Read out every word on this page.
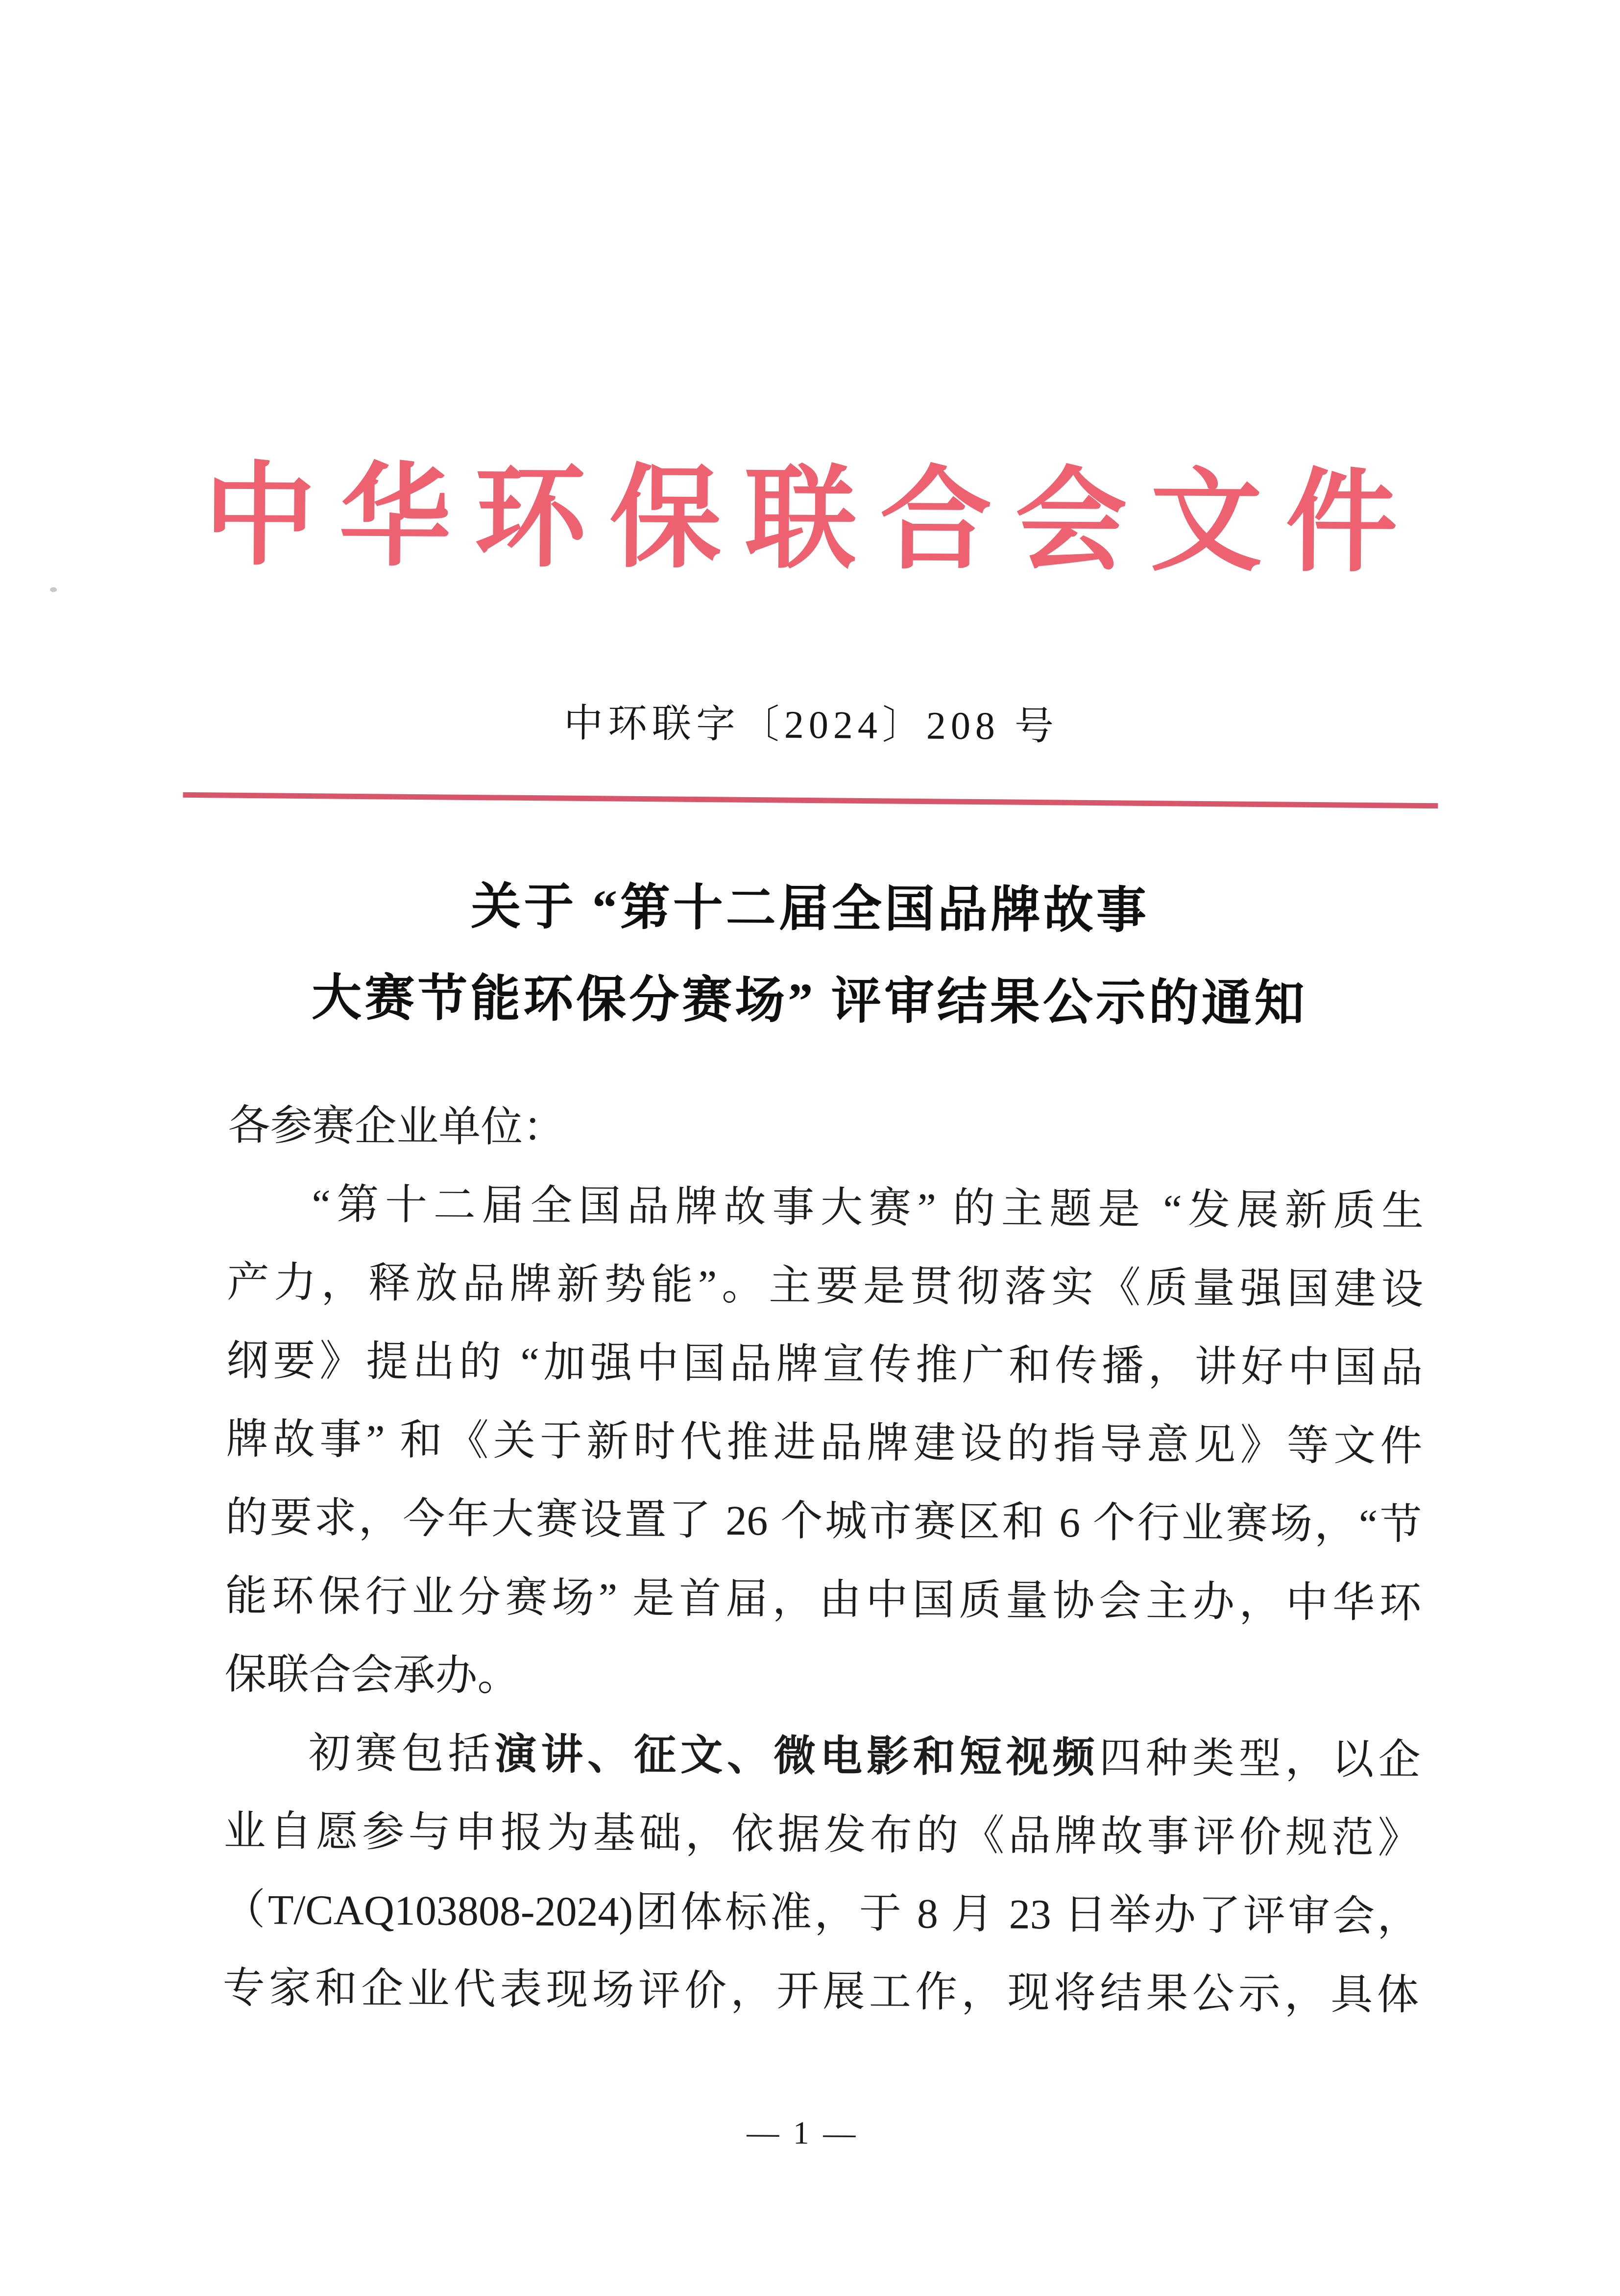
中华环保联合会文件
中环联字〔2024〕208 号
关于 “第十二届全国品牌故事
大赛节能环保分赛场” 评审结果公示的通知
各参赛企业单位：
“第十二届全国品牌故事大赛” 的主题是 “发展新质生
产力，释放品牌新势能”。主要是贯彻落实《质量强国建设
纲要》提出的 “加强中国品牌宣传推广和传播，讲好中国品
牌故事” 和《关于新时代推进品牌建设的指导意见》等文件
的要求，今年大赛设置了 26 个城市赛区和 6 个行业赛场，“节
能环保行业分赛场” 是首届，由中国质量协会主办，中华环
保联合会承办。
初赛包括演讲、征文、微电影和短视频四种类型，以企
业自愿参与申报为基础，依据发布的《品牌故事评价规范》
（T/CAQ103808-2024)团体标准，于 8 月 23 日举办了评审会，
专家和企业代表现场评价，开展工作，现将结果公示，具体
— 1 —
